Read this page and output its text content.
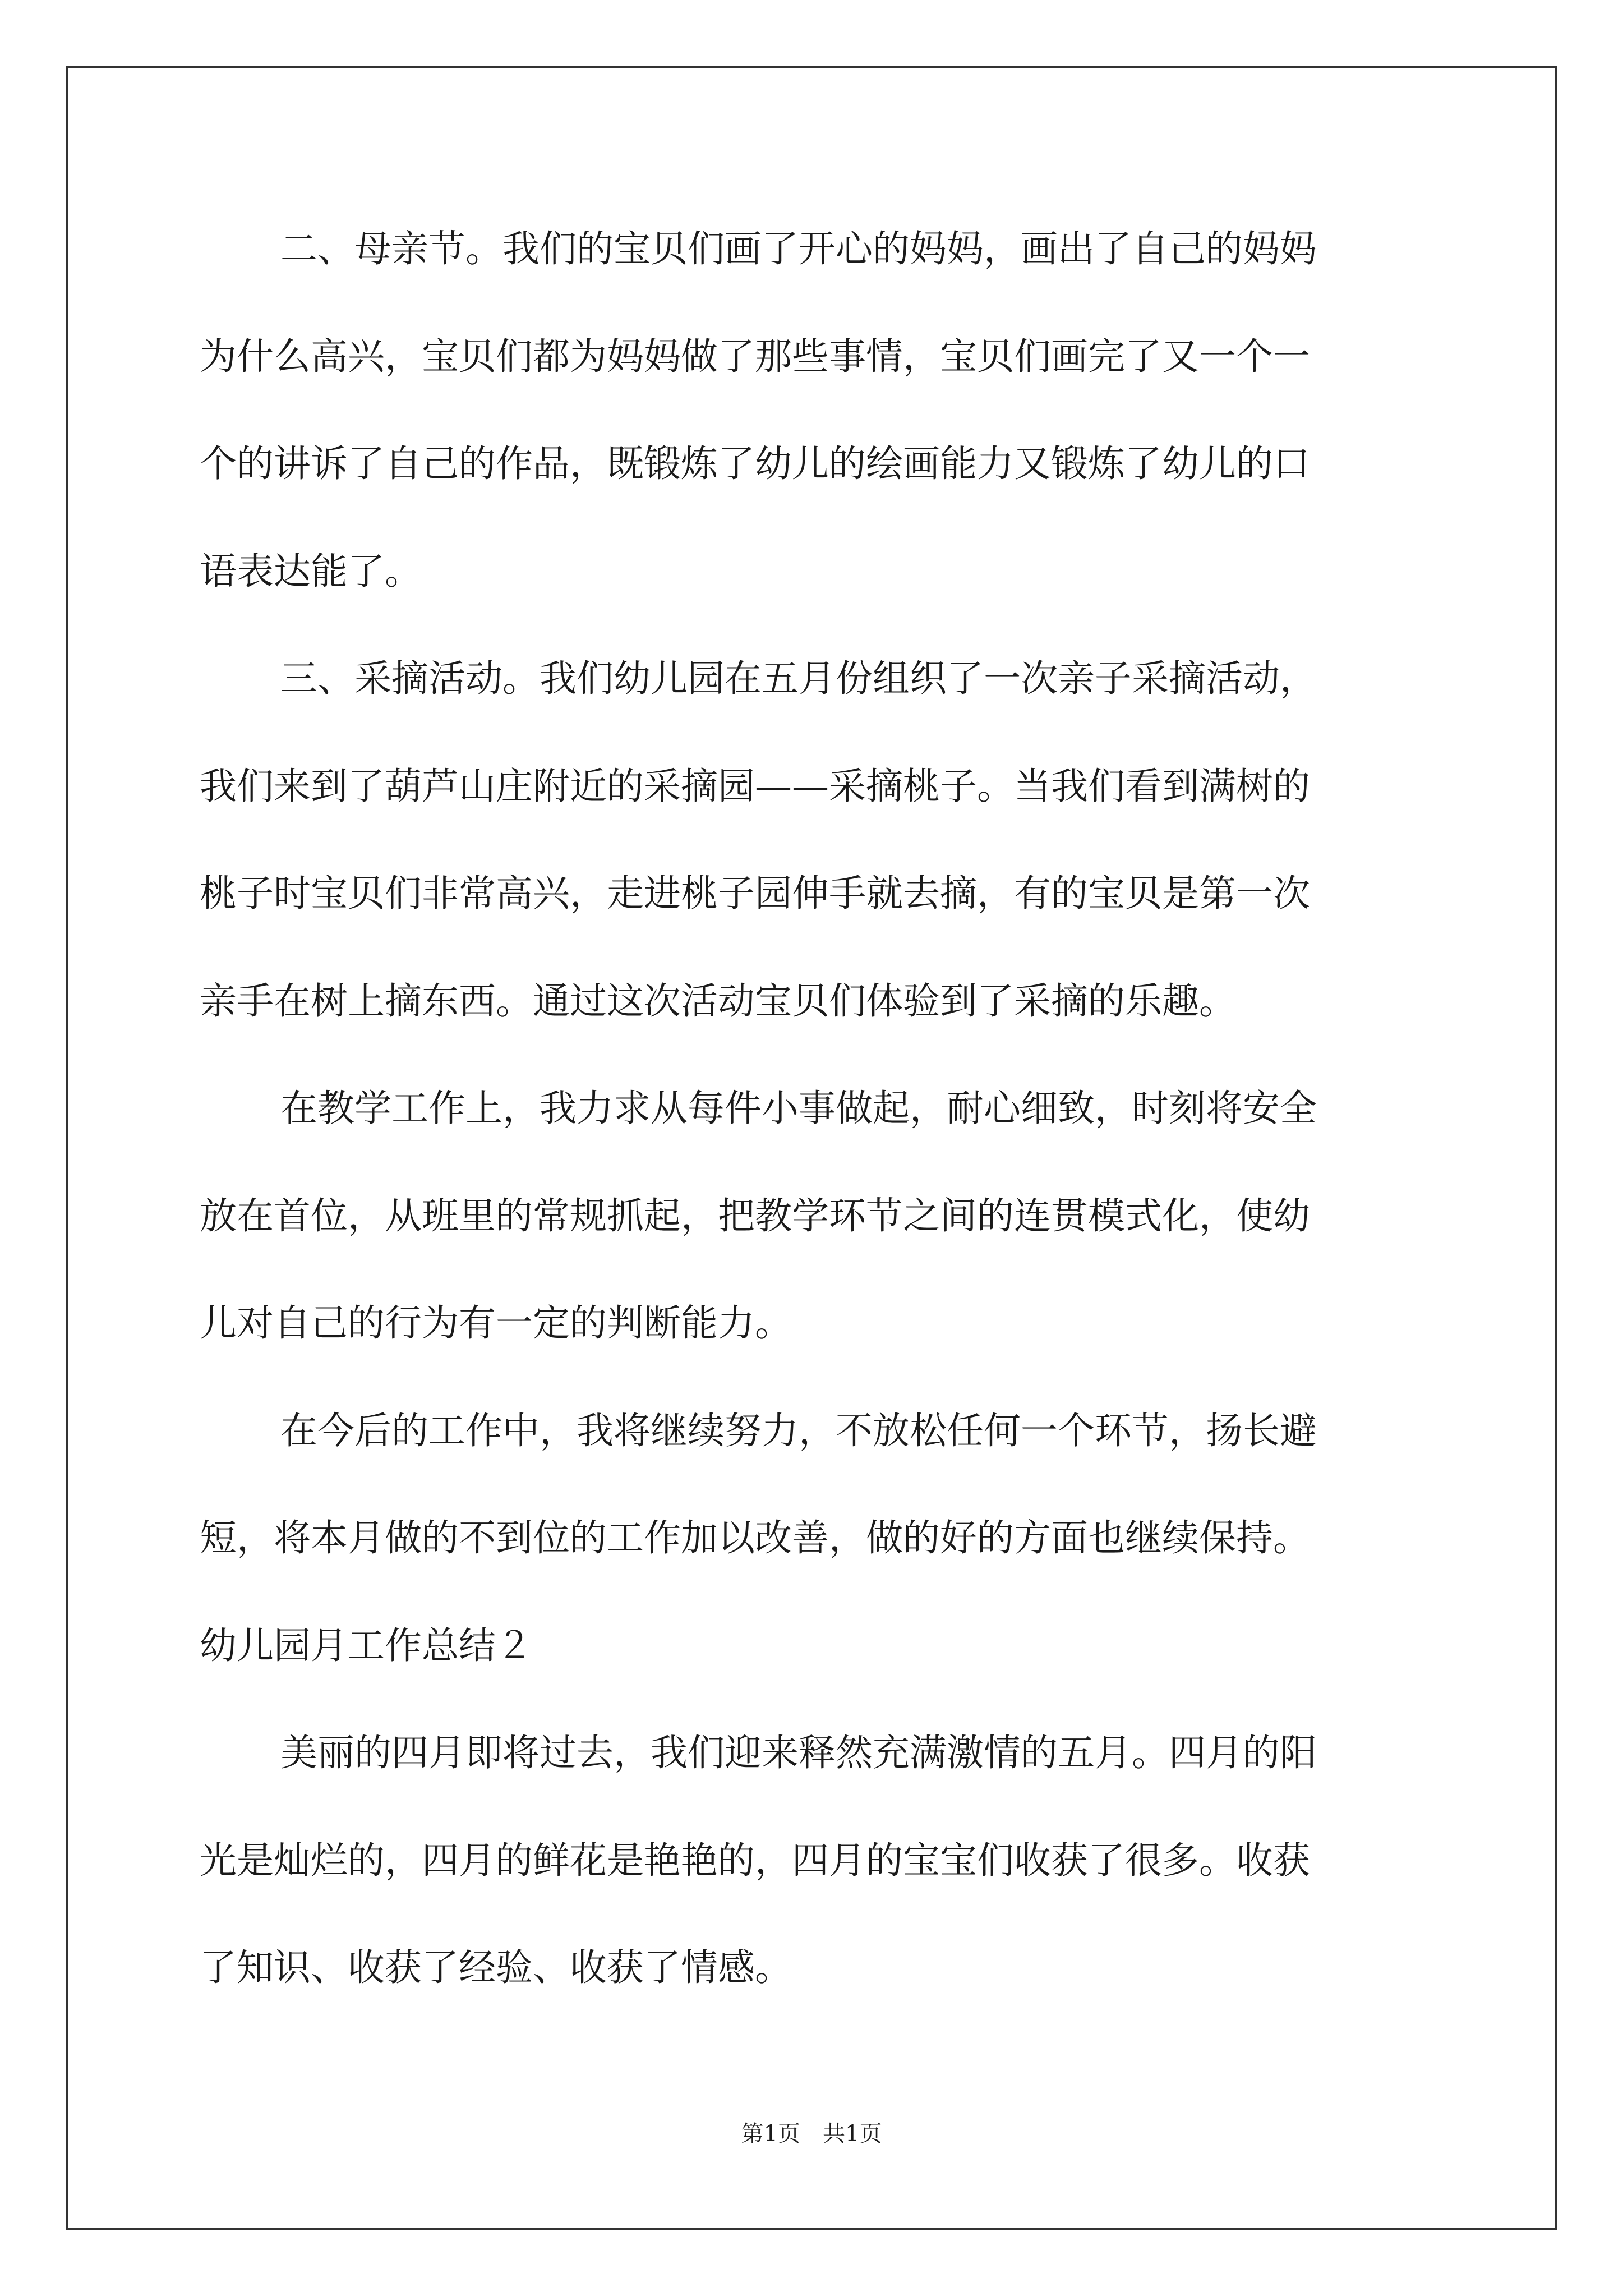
二、母亲节。我们的宝贝们画了开心的妈妈，画出了自己的妈妈
为什么高兴，宝贝们都为妈妈做了那些事情，宝贝们画完了又一个一
个的讲诉了自己的作品，既锻炼了幼儿的绘画能力又锻炼了幼儿的口
语表达能了。
三、采摘活动。我们幼儿园在五月份组织了一次亲子采摘活动，
我们来到了葫芦山庄附近的采摘园——采摘桃子。当我们看到满树的
桃子时宝贝们非常高兴，走进桃子园伸手就去摘，有的宝贝是第一次
亲手在树上摘东西。通过这次活动宝贝们体验到了采摘的乐趣。
在教学工作上，我力求从每件小事做起，耐心细致，时刻将安全
放在首位，从班里的常规抓起，把教学环节之间的连贯模式化，使幼
儿对自己的行为有一定的判断能力。
在今后的工作中，我将继续努力，不放松任何一个环节，扬长避
短，将本月做的不到位的工作加以改善，做的好的方面也继续保持。
幼儿园月工作总结２
美丽的四月即将过去，我们迎来释然充满激情的五月。四月的阳
光是灿烂的，四月的鲜花是艳艳的，四月的宝宝们收获了很多。收获
了知识、收获了经验、收获了情感。
第1页　共1页
